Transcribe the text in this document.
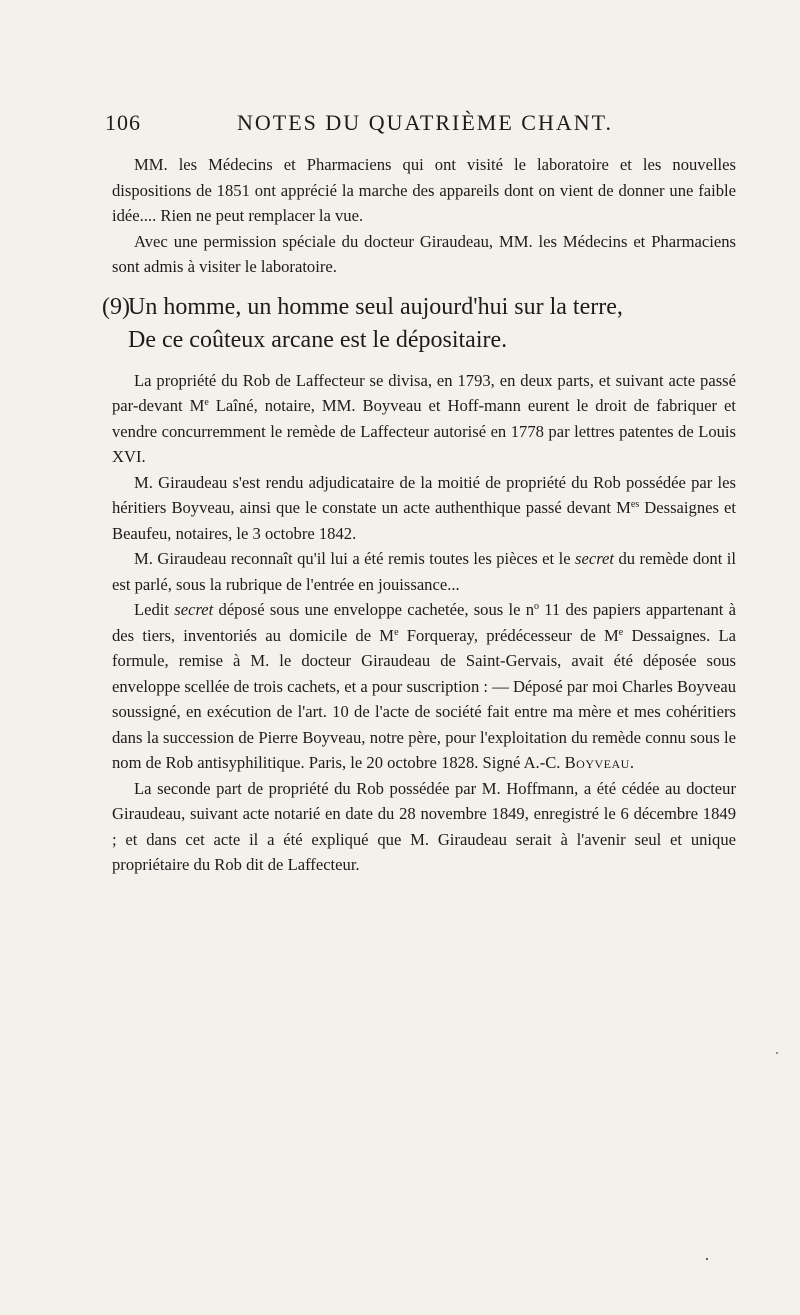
106	NOTES DU QUATRIÈME CHANT.

MM. les Médecins et Pharmaciens qui ont visité le laboratoire et les nouvelles dispositions de 1851 ont apprécié la marche des appareils dont on vient de donner une faible idée.... Rien ne peut remplacer la vue.

Avec une permission spéciale du docteur Giraudeau, MM. les Médecins et Pharmaciens sont admis à visiter le laboratoire.

(9)Un homme, un homme seul aujourd'hui sur la terre,
De ce coûteux arcane est le dépositaire.

La propriété du Rob de Laffecteur se divisa, en 1793, en deux parts, et suivant acte passé par-devant Me Laîné, notaire, MM. Boyveau et Hoff-mann eurent le droit de fabriquer et vendre concurremment le remède de Laffecteur autorisé en 1778 par lettres patentes de Louis XVI.

M. Giraudeau s'est rendu adjudicataire de la moitié de propriété du Rob possédée par les héritiers Boyveau, ainsi que le constate un acte authenthique passé devant $M^{es}$ Dessaignes et Beaufeu, notaires, le 3 octobre 1842.

M. Giraudeau reconnaît qu'il lui a été remis toutes les pièces et le secret du remède dont il est parlé, sous la rubrique de l'entrée en jouissance...

Ledit secret déposé sous une enveloppe cachetée, sous le $n^o$ 11 des papiers appartenant à des tiers, inventoriés au domicile de Me Forqueray, prédécesseur de Me Dessaignes. La formule, remise à M. le docteur Giraudeau de Saint-Gervais, avait été déposée sous enveloppe scellée de trois cachets, et a pour suscription : — Déposé par moi Charles Boyveau soussigné, en exécution de l'art. 10 de l'acte de société fait entre ma mère et mes cohéritiers dans la succession de Pierre Boyveau, notre père, pour l'exploitation du remède connu sous le nom de Rob antisyphilitique. Paris, le 20 octobre 1828. Signé A.-C. Boyveau.

La seconde part de propriété du Rob possédée par M. Hoffmann, a été cédée au docteur Giraudeau, suivant acte notarié en date du 28 novembre 1849, enregistré le 6 décembre 1849 ; et dans cet acte il a été expliqué que M. Giraudeau serait à l'avenir seul et unique propriétaire du Rob dit de Laffecteur.
